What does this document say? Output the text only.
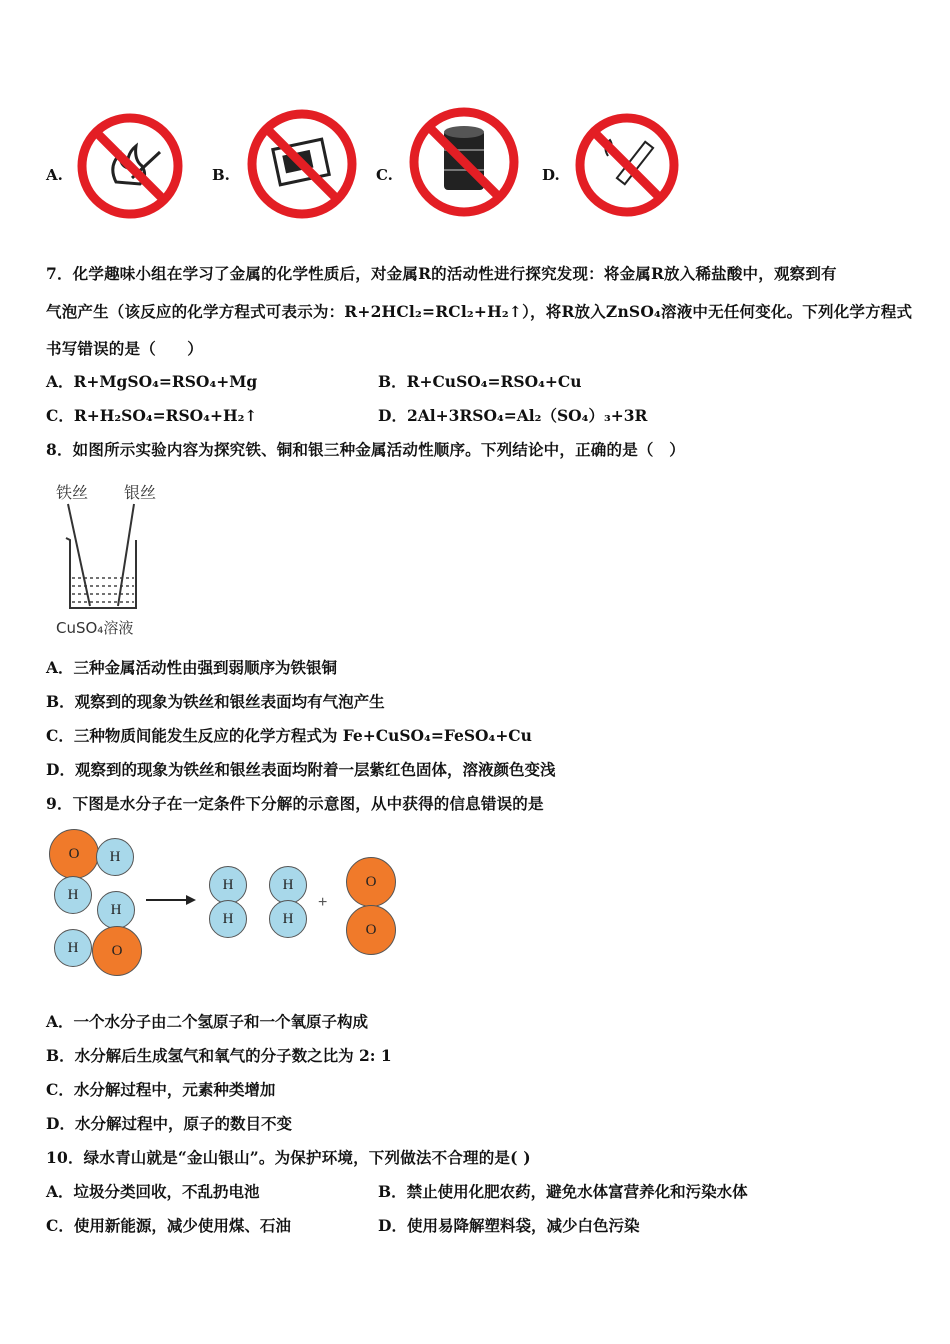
A.	B.	C.	D.
7．化学趣味小组在学习了金属的化学性质后，对金属R的活动性进行探究发现：将金属R放入稀盐酸中，观察到有
气泡产生（该反应的化学方程式可表示为：R+2HCl₂=RCl₂+H₂↑），将R放入ZnSO₄溶液中无任何变化。下列化学方程式
书写错误的是（　　）
A．R+MgSO₄=RSO₄+Mg	B．R+CuSO₄=RSO₄+Cu
C．R+H₂SO₄=RSO₄+H₂↑	D．2Al+3RSO₄=Al₂（SO₄）₃+3R
8．如图所示实验内容为探究铁、铜和银三种金属活动性顺序。下列结论中，正确的是（　）
铁丝 银丝
CuSO₄溶液
A．三种金属活动性由强到弱顺序为铁银铜
B．观察到的现象为铁丝和银丝表面均有气泡产生
C．三种物质间能发生反应的化学方程式为 Fe+CuSO₄=FeSO₄+Cu
D．观察到的现象为铁丝和银丝表面均附着一层紫红色固体，溶液颜色变浅
9．下图是水分子在一定条件下分解的示意图，从中获得的信息错误的是
O	H
H
H
H	O
H
H
H
H
+
O
O
A．一个水分子由二个氢原子和一个氧原子构成
B．水分解后生成氢气和氧气的分子数之比为 2: 1
C．水分解过程中，元素种类增加
D．水分解过程中，原子的数目不变
10．绿水青山就是“金山银山”。为保护环境，下列做法不合理的是( )
A．垃圾分类回收，不乱扔电池	B．禁止使用化肥农药，避免水体富营养化和污染水体
C．使用新能源，减少使用煤、石油	D．使用易降解塑料袋，减少白色污染
